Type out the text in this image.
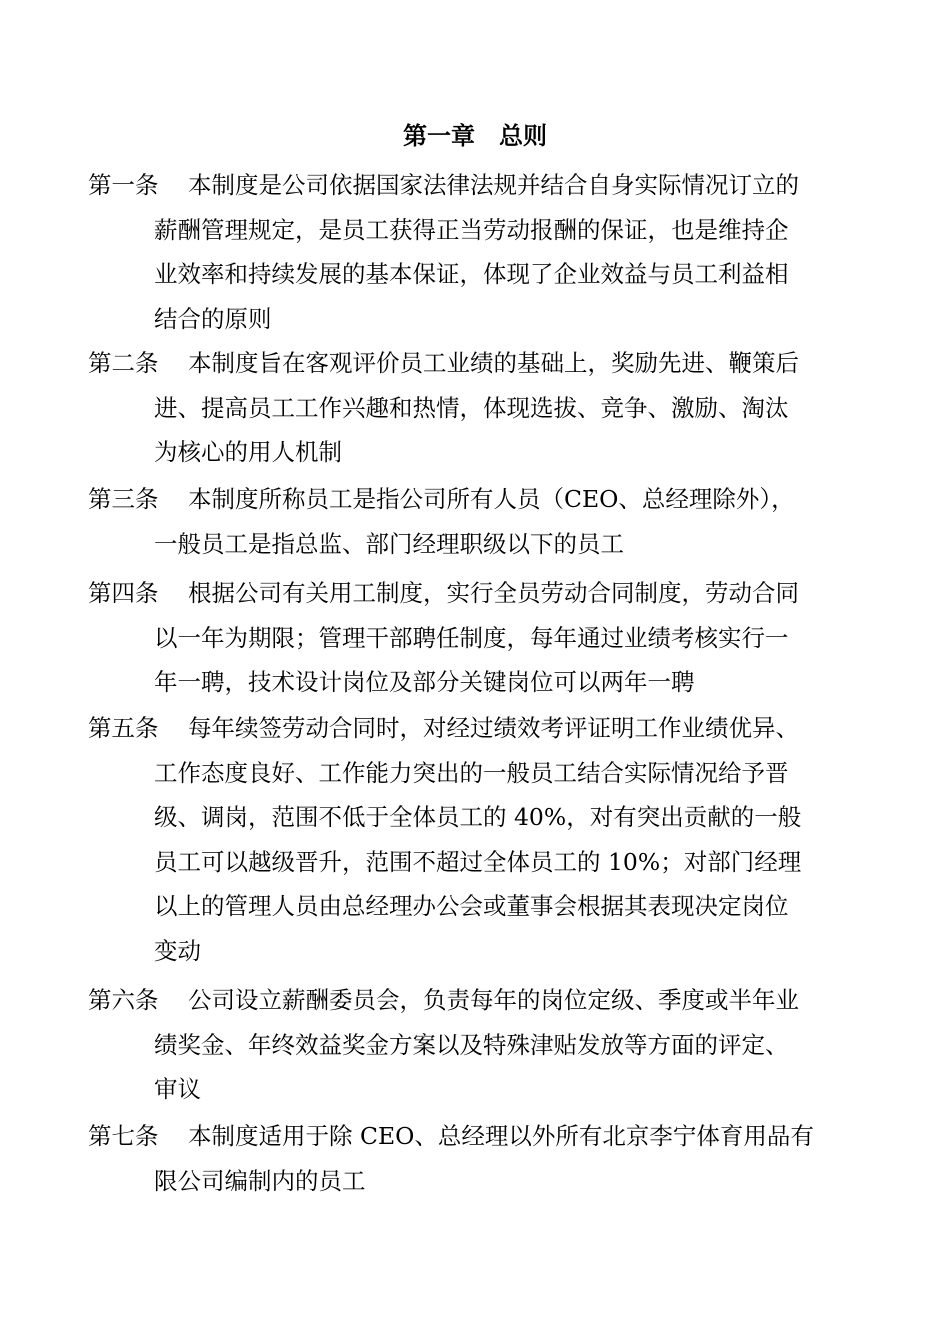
第一章　总则
第一条 本制度是公司依据国家法律法规并结合自身实际情况订立的
薪酬管理规定，是员工获得正当劳动报酬的保证，也是维持企
业效率和持续发展的基本保证，体现了企业效益与员工利益相
结合的原则
第二条 本制度旨在客观评价员工业绩的基础上，奖励先进、鞭策后
进、提高员工工作兴趣和热情，体现选拔、竞争、激励、淘汰
为核心的用人机制
第三条 本制度所称员工是指公司所有人员（CEO、总经理除外），
一般员工是指总监、部门经理职级以下的员工
第四条 根据公司有关用工制度，实行全员劳动合同制度，劳动合同
以一年为期限；管理干部聘任制度，每年通过业绩考核实行一
年一聘，技术设计岗位及部分关键岗位可以两年一聘
第五条 每年续签劳动合同时，对经过绩效考评证明工作业绩优异、
工作态度良好、工作能力突出的一般员工结合实际情况给予晋
级、调岗，范围不低于全体员工的 40%，对有突出贡献的一般
员工可以越级晋升，范围不超过全体员工的 10%；对部门经理
以上的管理人员由总经理办公会或董事会根据其表现决定岗位
变动
第六条 公司设立薪酬委员会，负责每年的岗位定级、季度或半年业
绩奖金、年终效益奖金方案以及特殊津贴发放等方面的评定、
审议
第七条 本制度适用于除 CEO、总经理以外所有北京李宁体育用品有
限公司编制内的员工
